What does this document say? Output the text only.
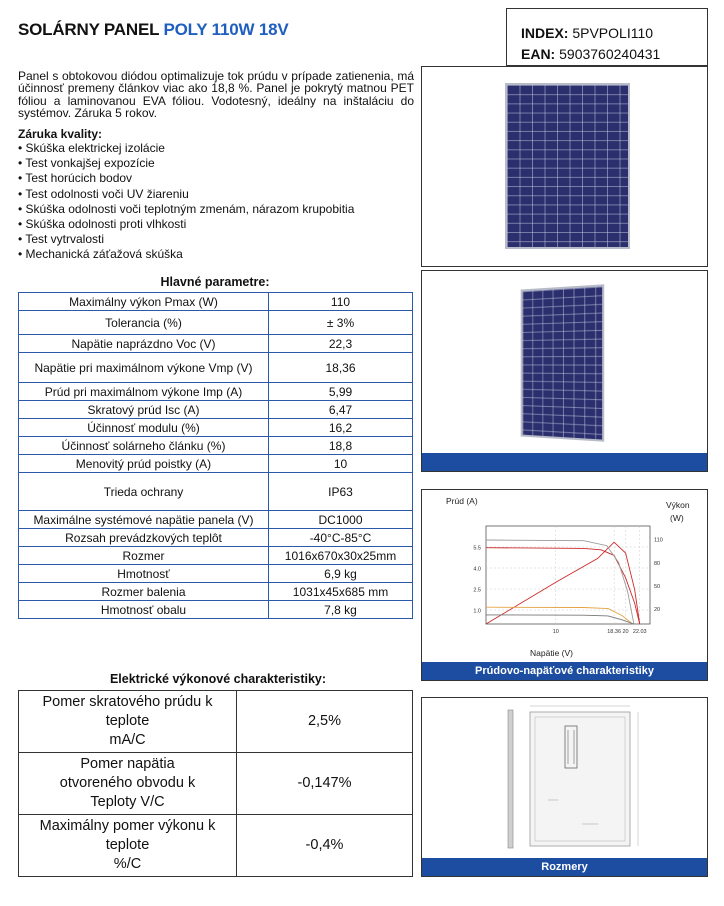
SOLÁRNY PANEL POLY 110W 18V	INDEX: 5PVPOLI110
EAN: 5903760240431

Panel s obtokovou diódou optimalizuje tok prúdu v prípade zatienenia, má účinnosť premeny článkov viac ako 18,8 %. Panel je pokrytý matnou PET fóliou a laminovanou EVA fóliou. Vodotesný, ideálny na inštaláciu do systémov. Záruka 5 rokov.

Záruka kvality:
• Skúška elektrickej izolácie
• Test vonkajšej expozície
• Test horúcich bodov
• Test odolnosti voči UV žiareniu
• Skúška odolnosti voči teplotným zmenám, nárazom krupobitia
• Skúška odolnosti proti vlhkosti
• Test vytrvalosti
• Mechanická záťažová skúška
Hlavné parametre:
Maximálny výkon Pmax (W)	110
Tolerancia (%)	± 3%
Napätie naprázdno Voc (V)	22,3
Napätie pri maximálnom výkone Vmp (V)	18,36
Prúd pri maximálnom výkone Imp (A)	5,99
Skratový prúd Isc (A)	6,47
Účinnosť modulu (%)	16,2
Účinnosť solárneho článku (%)	18,8
Menovitý prúd poistky (A)	10
Trieda ochrany	IP63
Maximálne systémové napätie panela (V)	DC1000
Rozsah prevádzkových teplôt	-40°C-85°C
Rozmer	1016x670x30x25mm
Hmotnosť	6,9 kg
Rozmer balenia	1031x45x685 mm
Hmotnosť obalu	7,8 kg
Elektrické výkonové charakteristiky:
Pomer skratového prúdu k
teplote
mA/C	2,5%

Pomer napätia
otvoreného obvodu k
Teploty V/C	-0,147%

Maximálny pomer výkonu k
teplote
%/C	-0,4%
1.0
2.5
4.0
5.5
20
50
80
110
10	18.36 20 22.03
Prúd (A)	Výkon
(W)
Napätie (V)
Prúdovo-napäťové charakteristiky
Rozmery
